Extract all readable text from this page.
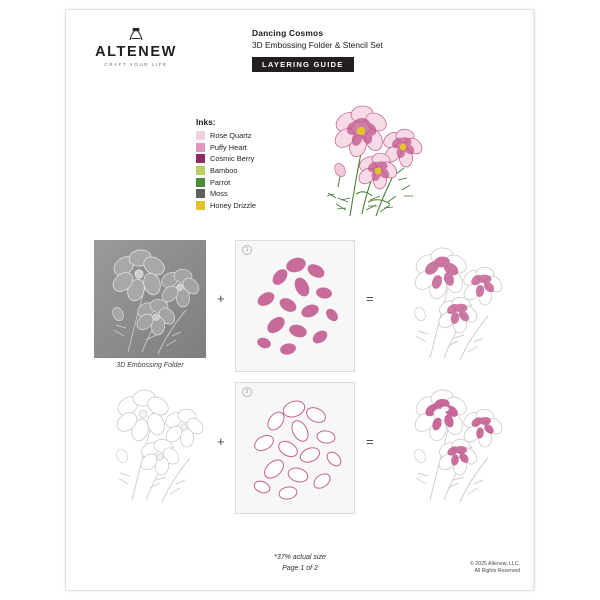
ALTENEW
CRAFT YOUR LIFE
Dancing Cosmos
3D Embossing Folder & Stencil Set
LAYERING GUIDE
Inks:
Rose Quartz
Puffy Heart
Cosmic Berry
Bamboo
Parrot
Moss
Honey Drizzle
3D Embossing Folder
+
1
=
+
2
=
*37% actual size
Page 1 of 2
© 2025 Altenew, LLC.
All Rights Reserved
